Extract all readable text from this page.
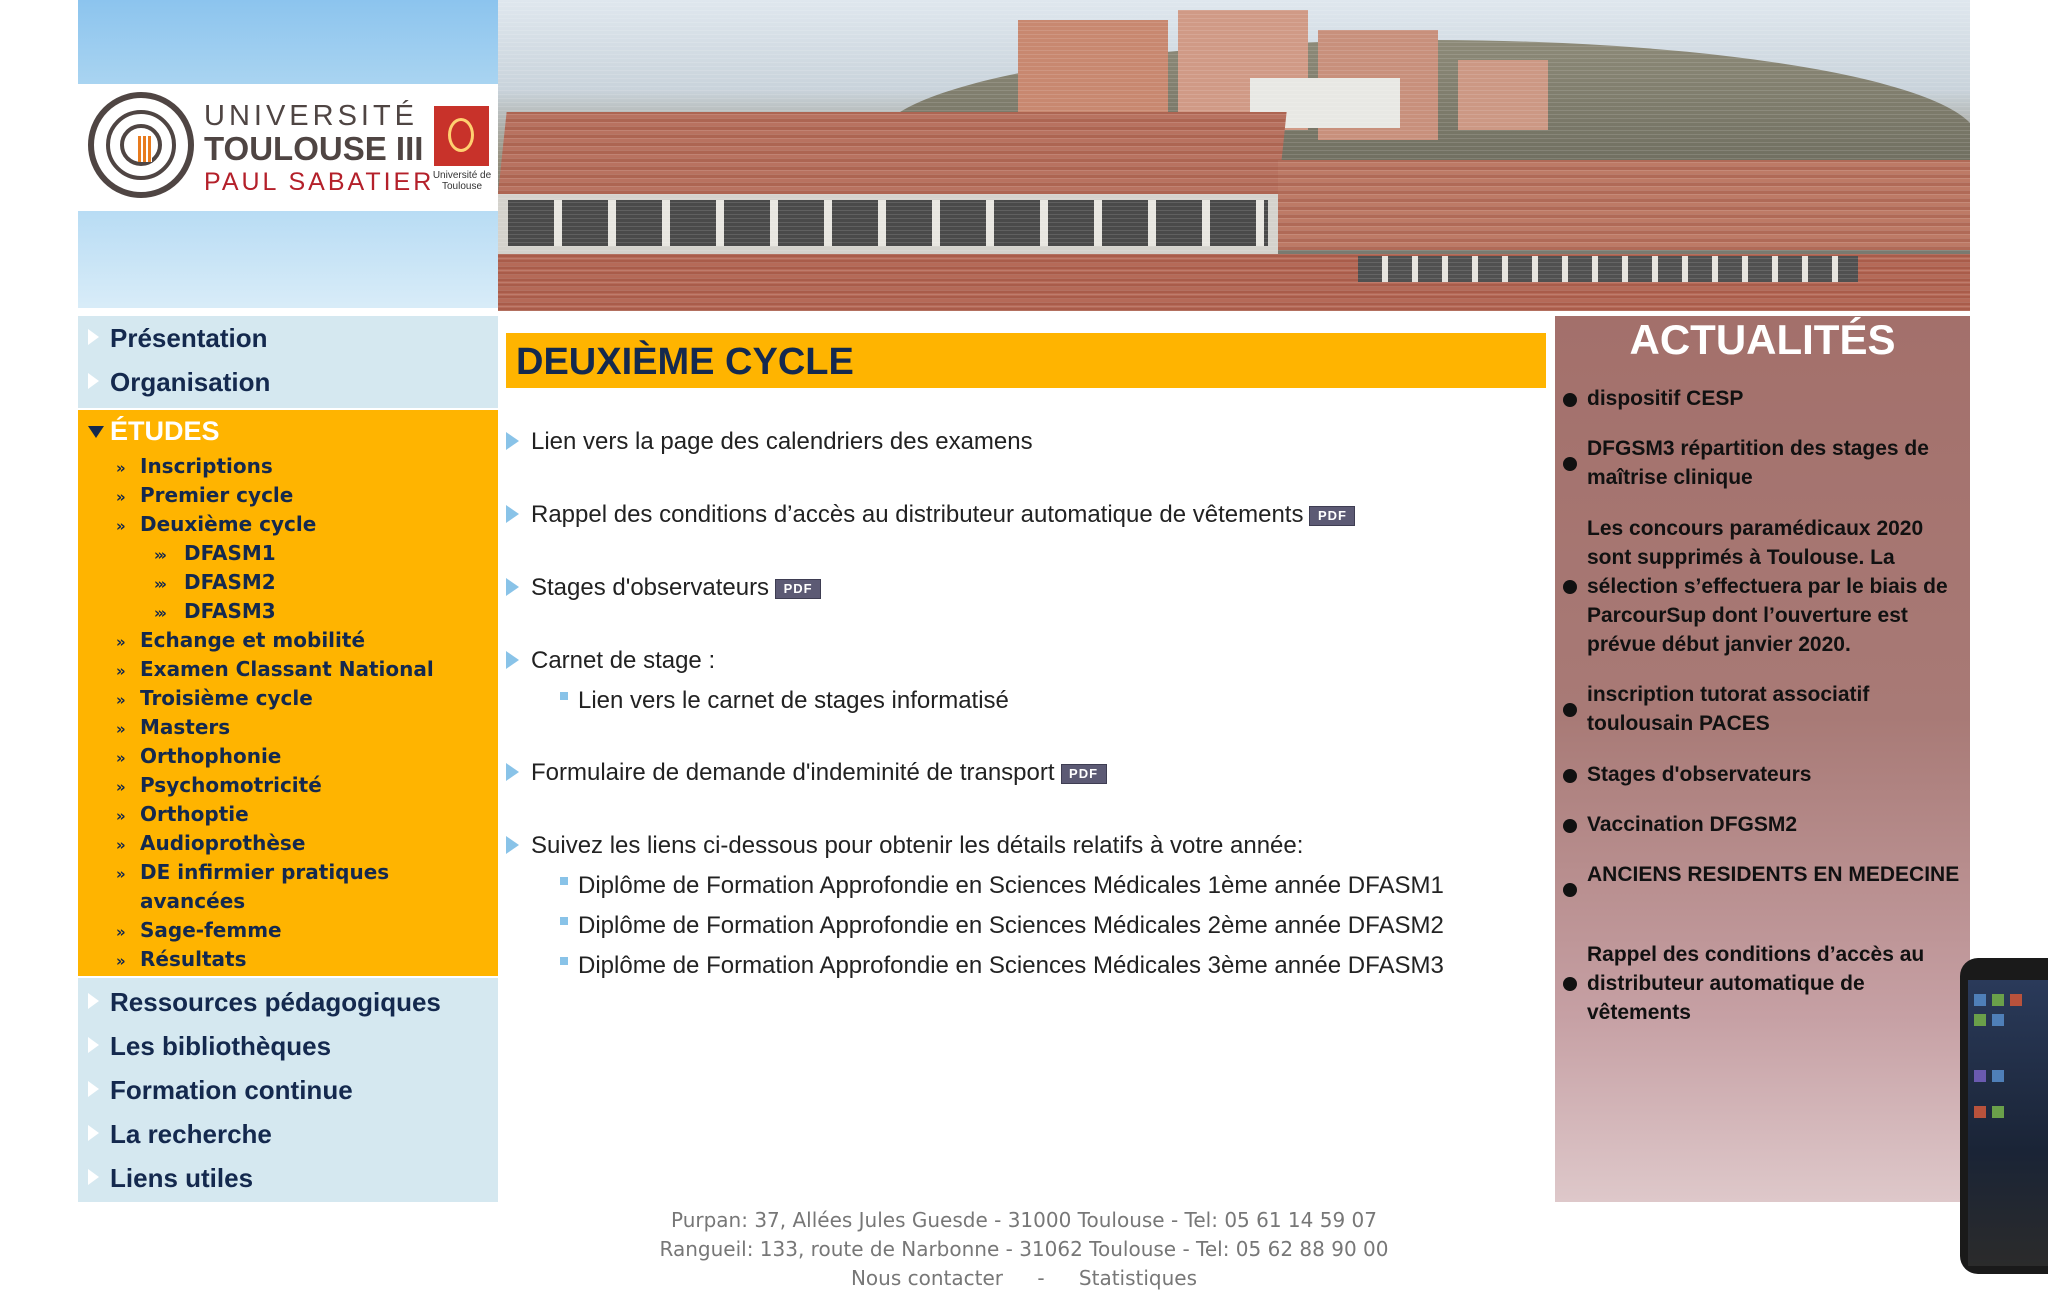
UNIVERSITÉ
TOULOUSE III
PAUL SABATIER
Université de Toulouse
Présentation
Organisation
ÉTUDES
» Inscriptions
» Premier cycle
» Deuxième cycle
»› DFASM1
»› DFASM2
»› DFASM3
» Echange et mobilité
» Examen Classant National
» Troisième cycle
» Masters
» Orthophonie
» Psychomotricité
» Orthoptie
» Audioprothèse
» DE infirmier pratiques
avancées
» Sage-femme
» Résultats
Ressources pédagogiques
Les bibliothèques
Formation continue
La recherche
Liens utiles
DEUXIÈME CYCLE
Lien vers la page des calendriers des examens
Rappel des conditions d’accès au distributeur automatique de vêtements PDF
Stages d'observateurs PDF
Carnet de stage :
Lien vers le carnet de stages informatisé
Formulaire de demande d'indeminité de transport PDF
Suivez les liens ci-dessous pour obtenir les détails relatifs à votre année:
Diplôme de Formation Approfondie en Sciences Médicales 1ème année DFASM1
Diplôme de Formation Approfondie en Sciences Médicales 2ème année DFASM2
Diplôme de Formation Approfondie en Sciences Médicales 3ème année DFASM3
ACTUALITÉS
dispositif CESP
DFGSM3 répartition des stages de maîtrise clinique
Les concours paramédicaux 2020 sont supprimés à Toulouse. La sélection s’effectuera par le biais de ParcourSup dont l’ouverture est prévue début janvier 2020.
inscription tutorat associatif toulousain PACES
Stages d'observateurs
Vaccination DFGSM2
ANCIENS RESIDENTS EN MEDECINE
Rappel des conditions d’accès au distributeur automatique de vêtements
Purpan: 37, Allées Jules Guesde - 31000 Toulouse - Tel: 05 61 14 59 07
Rangueil: 133, route de Narbonne - 31062 Toulouse - Tel: 05 62 88 90 00
Nous contacter - Statistiques
